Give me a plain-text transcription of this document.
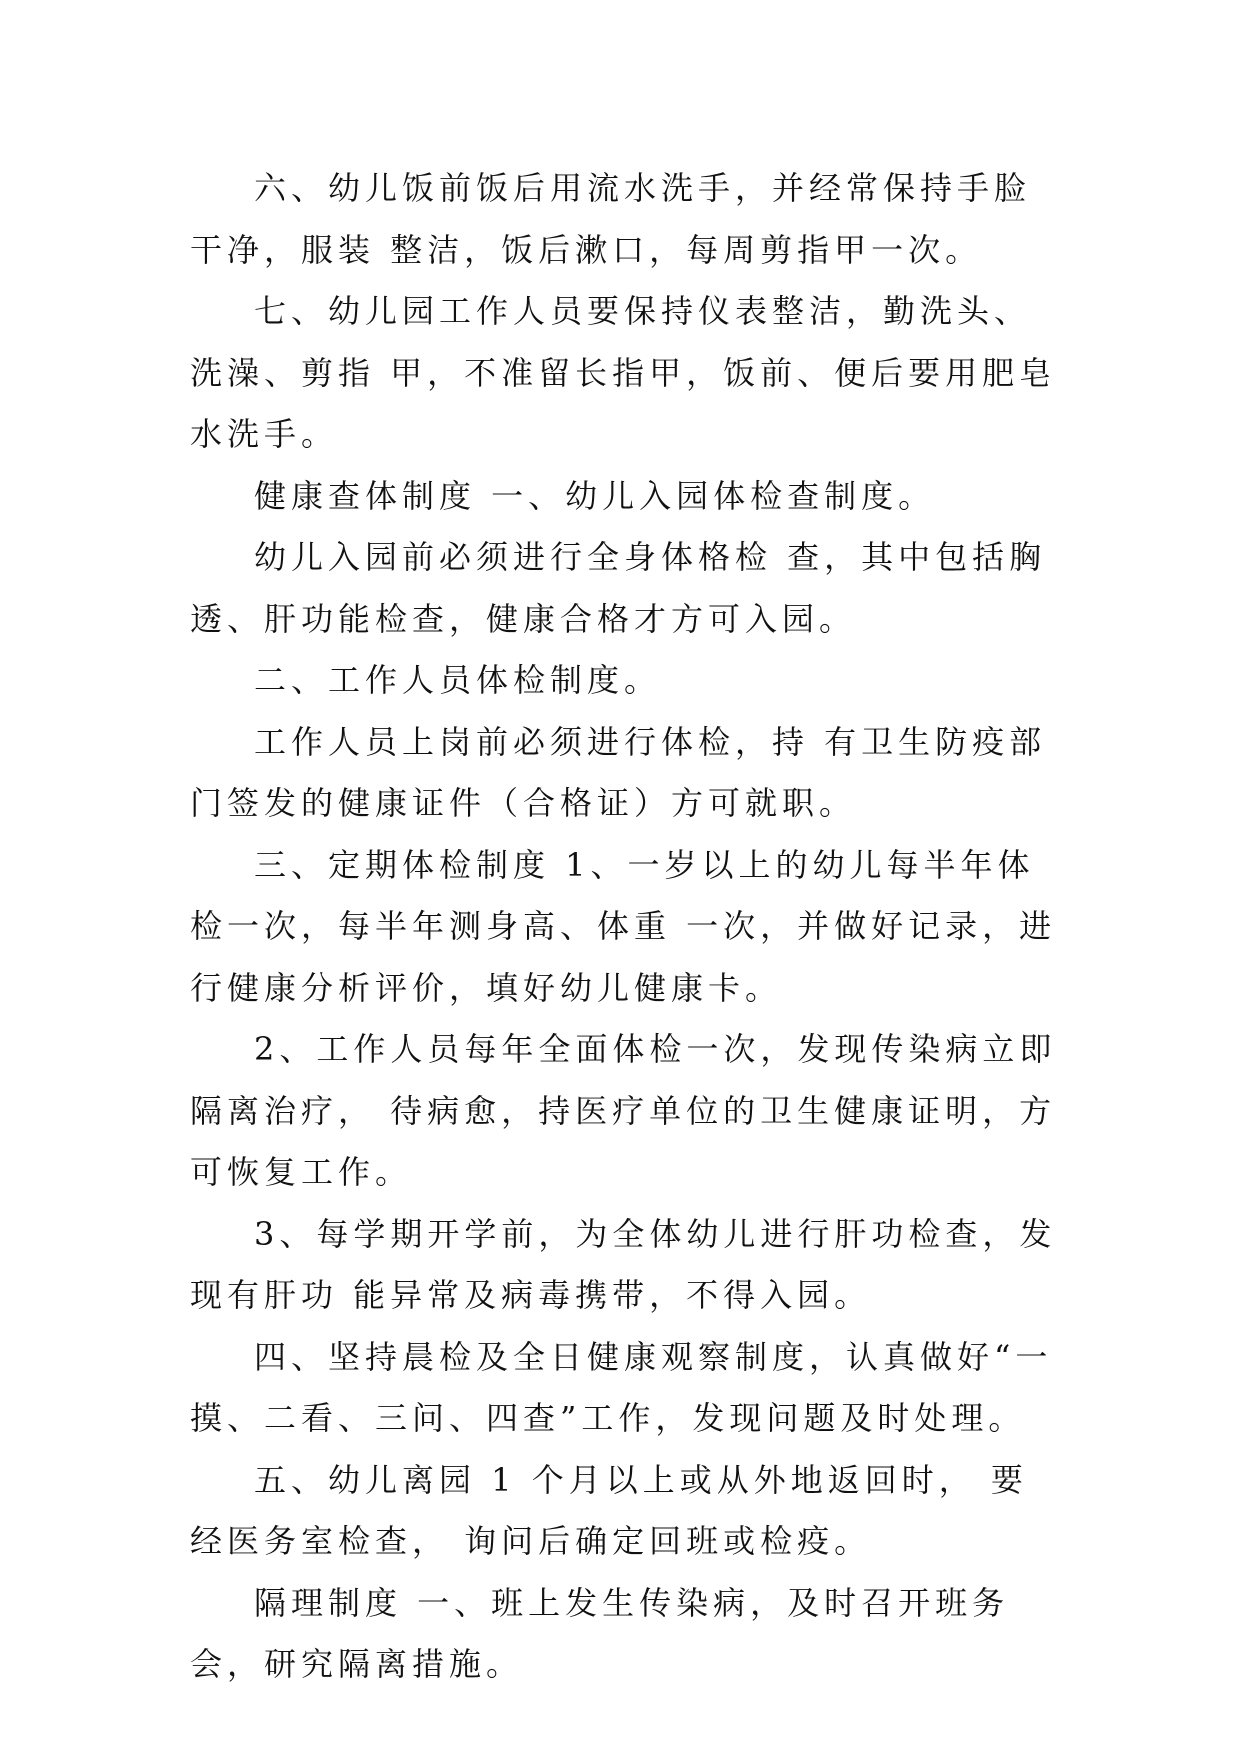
六、幼儿饭前饭后用流水洗手，并经常保持手脸干净，服装 整洁，饭后漱口，每周剪指甲一次。

七、幼儿园工作人员要保持仪表整洁，勤洗头、洗澡、剪指 甲，不准留长指甲，饭前、便后要用肥皂水洗手。

健康查体制度 一、幼儿入园体检查制度。

幼儿入园前必须进行全身体格检 查，其中包括胸透、肝功能检查，健康合格才方可入园。

二、工作人员体检制度。

工作人员上岗前必须进行体检，持 有卫生防疫部门签发的健康证件（合格证）方可就职。

三、定期体检制度 1、一岁以上的幼儿每半年体检一次，每半年测身高、体重 一次，并做好记录，进行健康分析评价，填好幼儿健康卡。

2、工作人员每年全面体检一次，发现传染病立即隔离治疗， 待病愈，持医疗单位的卫生健康证明，方可恢复工作。

3、每学期开学前，为全体幼儿进行肝功检查，发现有肝功 能异常及病毒携带，不得入园。

四、坚持晨检及全日健康观察制度，认真做好“一摸、二看、三问、四查”工作，发现问题及时处理。

五、幼儿离园 1 个月以上或从外地返回时， 要经医务室检查， 询问后确定回班或检疫。

隔理制度 一、班上发生传染病，及时召开班务会，研究隔离措施。
